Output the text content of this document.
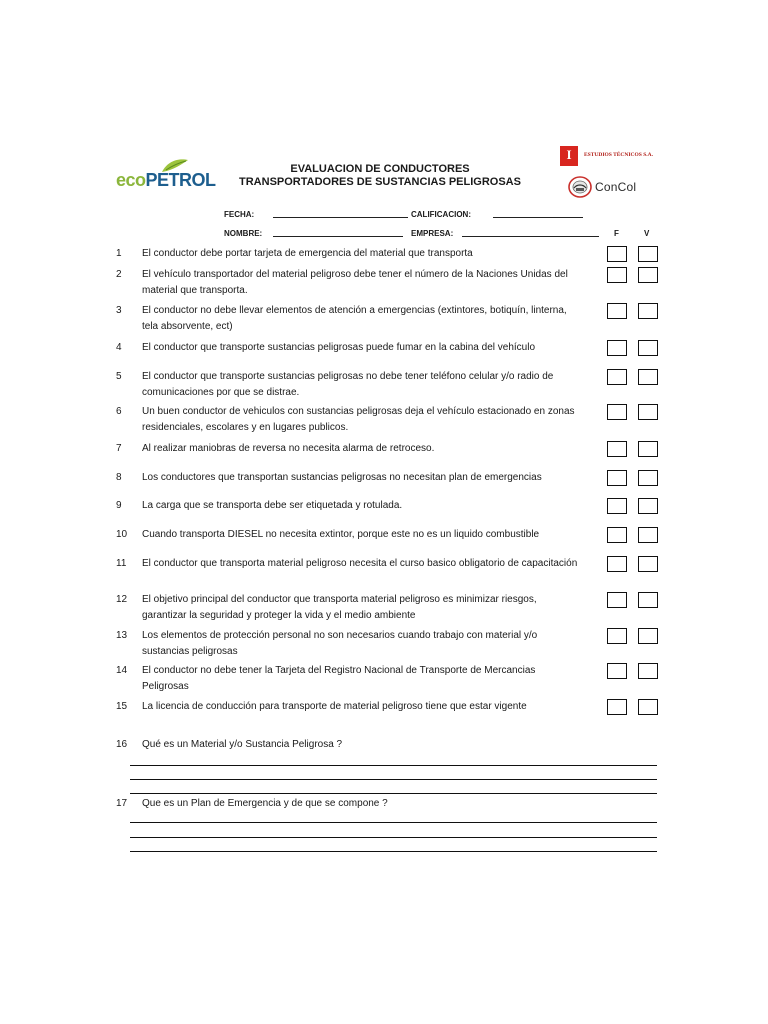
ecoPETROL
EVALUACION DE CONDUCTORES
TRANSPORTADORES DE SUSTANCIAS PELIGROSAS
I	ESTUDIOS TÉCNICOS S.A.
ConCol
FECHA:	CALIFICACION:
NOMBRE:	EMPRESA:	F	V
1	El conductor debe portar tarjeta de emergencia del material que transporta
2	El vehículo transportador del material peligroso debe tener el número de la Naciones Unidas del material que transporta.
3	El conductor no debe llevar elementos de atención a emergencias (extintores, botiquín, linterna, tela absorvente, ect)
4	El conductor que transporte sustancias peligrosas puede fumar en la cabina del vehículo
5	El conductor que transporte sustancias peligrosas no debe tener teléfono celular y/o radio de comunicaciones por que se distrae.
6	Un buen conductor de vehiculos con sustancias peligrosas deja el vehículo estacionado en zonas residenciales, escolares y en lugares publicos.
7	Al realizar maniobras de reversa no necesita alarma de retroceso.
8	Los conductores que transportan sustancias peligrosas no necesitan plan de emergencias
9	La carga que se transporta debe ser etiquetada y rotulada.
10	Cuando transporta DIESEL no necesita extintor, porque este no es un liquido combustible
11	El conductor que transporta material peligroso necesita el curso basico obligatorio de capacitación
12	El objetivo principal del conductor que transporta material peligroso es minimizar riesgos, garantizar la seguridad y proteger la vida y el medio ambiente
13	Los elementos de protección personal no son necesarios cuando trabajo con material y/o sustancias peligrosas
14	El conductor no debe tener la Tarjeta del Registro Nacional de Transporte de Mercancias Peligrosas
15	La licencia de conducción para transporte de material peligroso tiene que estar vigente
16	Qué es un Material y/o Sustancia Peligrosa ?
17	Que es un Plan de Emergencia y de que se compone ?
